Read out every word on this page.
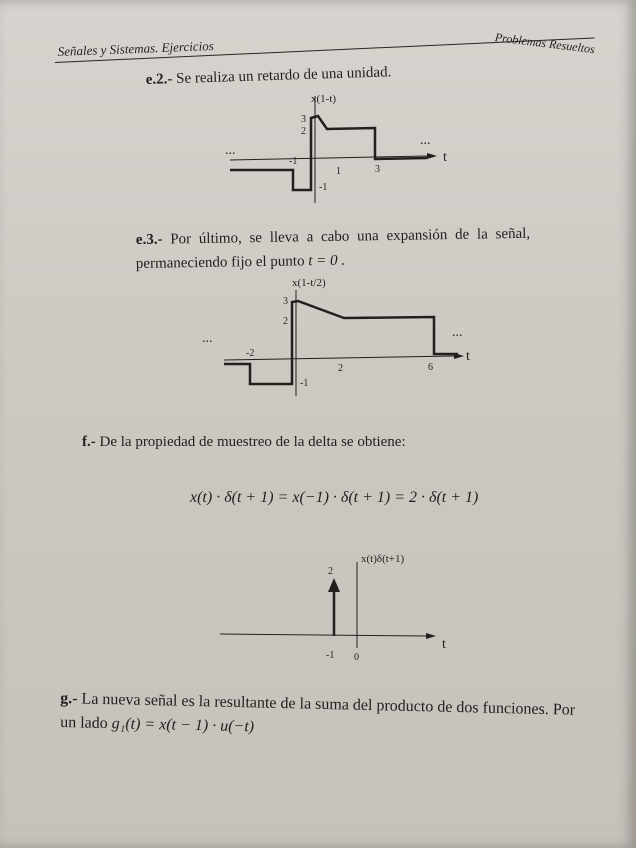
Señales y Sistemas. Ejercicios	Problemas Resueltos
e.2.- Se realiza un retardo de una unidad.
x(1-t)
t
3
2
-1
-1
1	3
...
...
e.3.- Por último, se lleva a cabo una expansión de la señal,
permaneciendo fijo el punto t = 0 .
x(1-t/2)
t
3
2
-1
-2
2	6
...	...
f.- De la propiedad de muestreo de la delta se obtiene:
x(t) · δ(t + 1) = x(−1) · δ(t + 1) = 2 · δ(t + 1)
x(t)δ(t+1)
t
2
-1 0
g.- La nueva señal es la resultante de la suma del producto de dos funciones. Por
un lado g₁(t) = x(t − 1) · u(−t)
